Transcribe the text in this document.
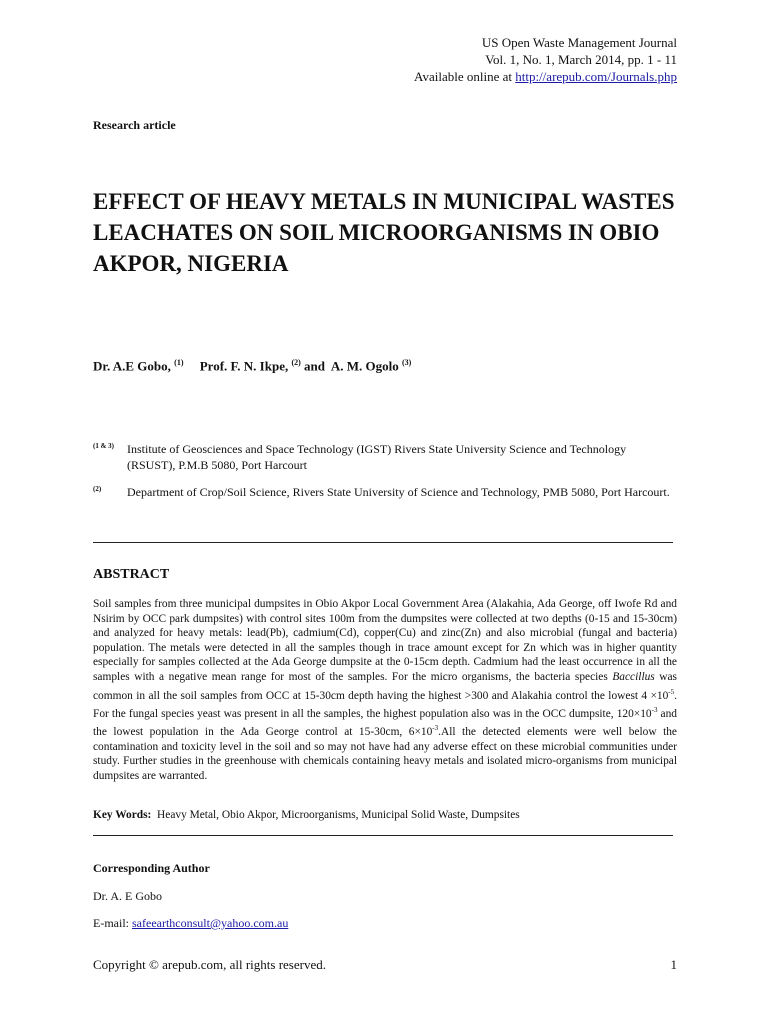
US Open Waste Management Journal
Vol. 1, No. 1, March 2014, pp. 1 - 11
Available online at http://arepub.com/Journals.php
Research article
EFFECT OF HEAVY METALS IN MUNICIPAL WASTES LEACHATES ON SOIL MICROORGANISMS IN OBIO AKPOR, NIGERIA
Dr. A.E Gobo, $^{(1)}$ Prof. F. N. Ikpe, $^{(2)}$ and A. M. Ogolo $^{(3)}$
(1 & 3)	Institute of Geosciences and Space Technology (IGST) Rivers State University Science and Technology (RSUST), P.M.B 5080, Port Harcourt
(2)	Department of Crop/Soil Science, Rivers State University of Science and Technology, PMB 5080, Port Harcourt.
ABSTRACT

Soil samples from three municipal dumpsites in Obio Akpor Local Government Area (Alakahia, Ada George, off Iwofe Rd and Nsirim by OCC park dumpsites) with control sites 100m from the dumpsites were collected at two depths (0-15 and 15-30cm) and analyzed for heavy metals: lead(Pb), cadmium(Cd), copper(Cu) and zinc(Zn) and also microbial (fungal and bacteria) population. The metals were detected in all the samples though in trace amount except for Zn which was in higher quantity especially for samples collected at the Ada George dumpsite at the 0-15cm depth. Cadmium had the least occurrence in all the samples with a negative mean range for most of the samples. For the micro organisms, the bacteria species Baccillus was common in all the soil samples from OCC at 15-30cm depth having the highest >300 and Alakahia control the lowest $4 \times 10^{-5}$. For the fungal species yeast was present in all the samples, the highest population also was in the OCC dumpsite, $120\times 10^{-3}$ and the lowest population in the Ada George control at 15-30cm, $6\times 10^{-3}.All$ the detected elements were well below the contamination and toxicity level in the soil and so may not have had any adverse effect on these microbial communities under study. Further studies in the greenhouse with chemicals containing heavy metals and isolated micro-organisms from municipal dumpsites are warranted.

Key Words: Heavy Metal, Obio Akpor, Microorganisms, Municipal Solid Waste, Dumpsites
Corresponding Author
Dr. A. E Gobo
E-mail: safeearthconsult@yahoo.com.au
Copyright © arepub.com, all rights reserved.	1
